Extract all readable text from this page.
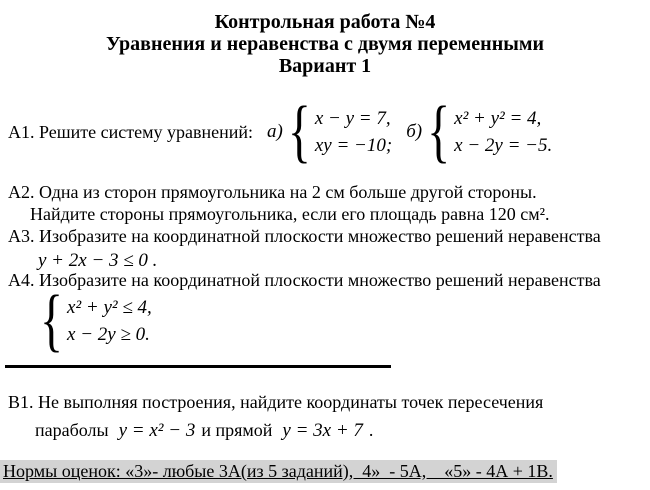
Контрольная работа №4
Уравнения и неравенства с двумя переменными
Вариант 1
А1. Решите систему уравнений: а) { x − y = 7,
xy = −10;
б) { x² + y² = 4,
x − 2y = −5.
А2. Одна из сторон прямоугольника на 2 см больше другой стороны.
Найдите стороны прямоугольника, если его площадь равна 120 см².
А3. Изобразите на координатной плоскости множество решений неравенства
y + 2x − 3 ≤ 0 .
А4. Изобразите на координатной плоскости множество решений неравенства
{ x² + y² ≤ 4,
x − 2y ≥ 0.
В1. Не выполняя построения, найдите координаты точек пересечения
параболы y = x² − 3 и прямой y = 3x + 7 .
Нормы оценок: «3»- любые 3А(из 5 заданий),  4»  - 5А,    «5» - 4А + 1В.
